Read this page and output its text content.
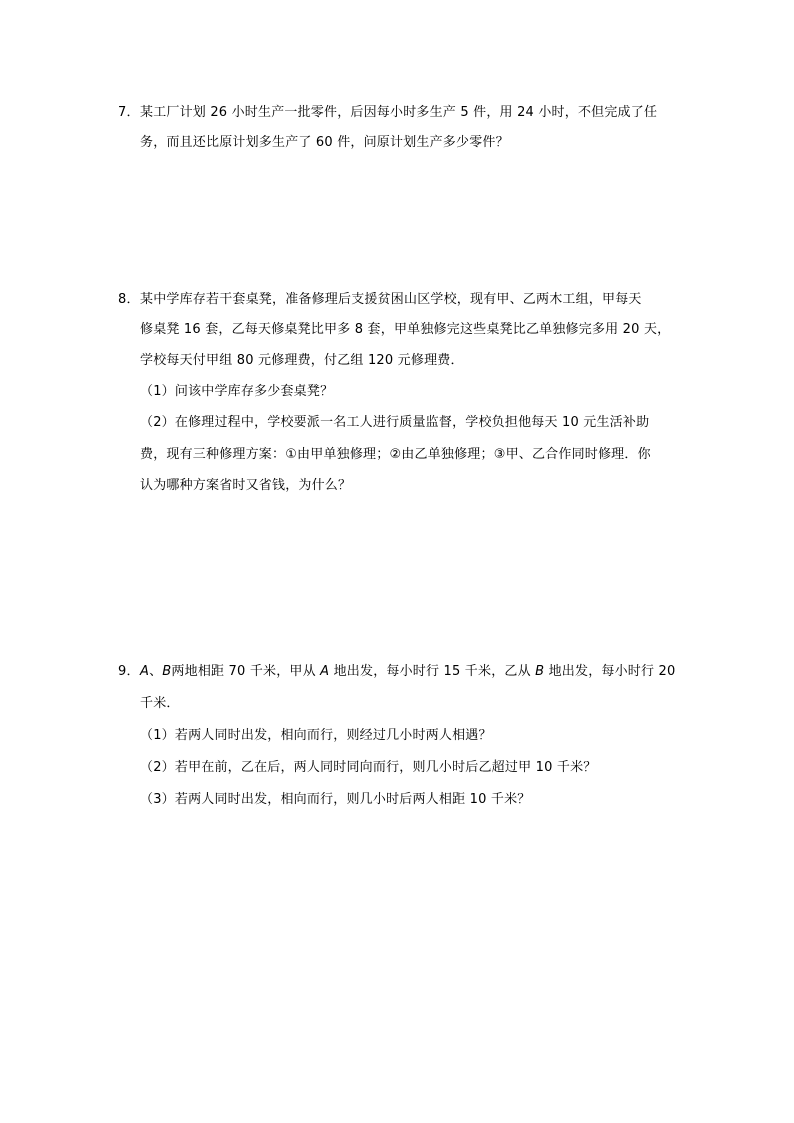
7．某工厂计划 26 小时生产一批零件，后因每小时多生产 5 件，用 24 小时，不但完成了任
务，而且还比原计划多生产了 60 件，问原计划生产多少零件？
8．某中学库存若干套桌凳，准备修理后支援贫困山区学校，现有甲、乙两木工组，甲每天
修桌凳 16 套，乙每天修桌凳比甲多 8 套，甲单独修完这些桌凳比乙单独修完多用 20 天，
学校每天付甲组 80 元修理费，付乙组 120 元修理费．
（1）问该中学库存多少套桌凳？
（2）在修理过程中，学校要派一名工人进行质量监督，学校负担他每天 10 元生活补助
费，现有三种修理方案：①由甲单独修理；②由乙单独修理；③甲、乙合作同时修理．你
认为哪种方案省时又省钱，为什么？
9．A、B两地相距 70 千米，甲从 A 地出发，每小时行 15 千米，乙从 B 地出发，每小时行 20
千米．
（1）若两人同时出发，相向而行，则经过几小时两人相遇？
（2）若甲在前，乙在后，两人同时同向而行，则几小时后乙超过甲 10 千米？
（3）若两人同时出发，相向而行，则几小时后两人相距 10 千米？
